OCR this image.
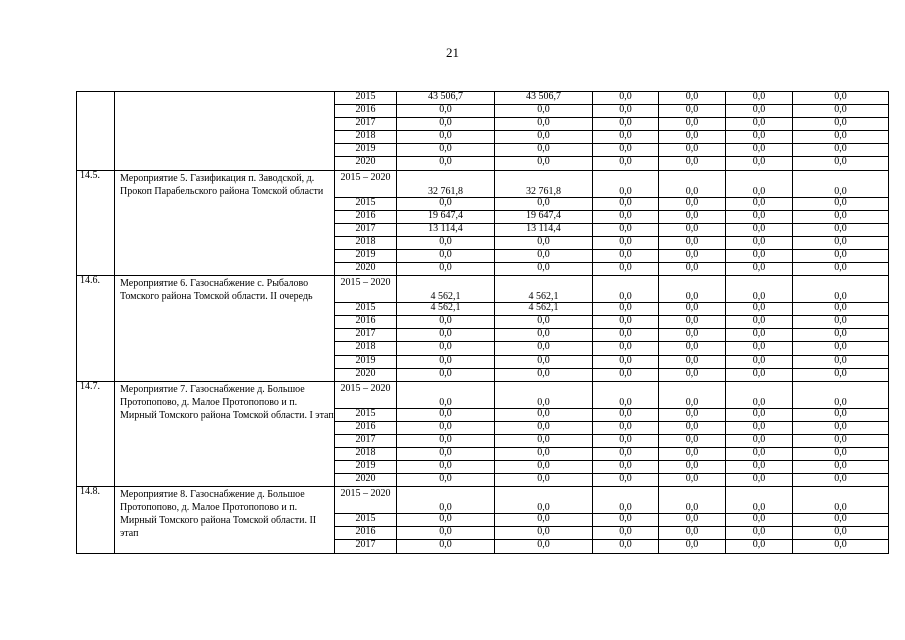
21
		2015	43 506,7	43 506,7	0,0	0,0	0,0	0,0
		2016	0,0	0,0	0,0	0,0	0,0	0,0
		2017	0,0	0,0	0,0	0,0	0,0	0,0
		2018	0,0	0,0	0,0	0,0	0,0	0,0
		2019	0,0	0,0	0,0	0,0	0,0	0,0
		2020	0,0	0,0	0,0	0,0	0,0	0,0
14.5.	Мероприятие 5. Газификация п. Заводской, д. Прокоп Парабельского района Томской области	2015 – 2020	32 761,8	32 761,8	0,0	0,0	0,0	0,0
		2015	0,0	0,0	0,0	0,0	0,0	0,0
		2016	19 647,4	19 647,4	0,0	0,0	0,0	0,0
		2017	13 114,4	13 114,4	0,0	0,0	0,0	0,0
		2018	0,0	0,0	0,0	0,0	0,0	0,0
		2019	0,0	0,0	0,0	0,0	0,0	0,0
		2020	0,0	0,0	0,0	0,0	0,0	0,0
14.6.	Мероприятие 6. Газоснабжение с. Рыбалово Томского района Томской области. II очередь	2015 – 2020	4 562,1	4 562,1	0,0	0,0	0,0	0,0
		2015	4 562,1	4 562,1	0,0	0,0	0,0	0,0
		2016	0,0	0,0	0,0	0,0	0,0	0,0
		2017	0,0	0,0	0,0	0,0	0,0	0,0
		2018	0,0	0,0	0,0	0,0	0,0	0,0
		2019	0,0	0,0	0,0	0,0	0,0	0,0
		2020	0,0	0,0	0,0	0,0	0,0	0,0
14.7.	Мероприятие 7. Газоснабжение д. Большое Протопопово, д. Малое Протопопово и п. Мирный Томского района Томской области. I этап	2015 – 2020	0,0	0,0	0,0	0,0	0,0	0,0
		2015	0,0	0,0	0,0	0,0	0,0	0,0
		2016	0,0	0,0	0,0	0,0	0,0	0,0
		2017	0,0	0,0	0,0	0,0	0,0	0,0
		2018	0,0	0,0	0,0	0,0	0,0	0,0
		2019	0,0	0,0	0,0	0,0	0,0	0,0
		2020	0,0	0,0	0,0	0,0	0,0	0,0
14.8.	Мероприятие 8. Газоснабжение д. Большое Протопопово, д. Малое Протопопово и п. Мирный Томского района Томской области. II этап	2015 – 2020	0,0	0,0	0,0	0,0	0,0	0,0
		2015	0,0	0,0	0,0	0,0	0,0	0,0
		2016	0,0	0,0	0,0	0,0	0,0	0,0
		2017	0,0	0,0	0,0	0,0	0,0	0,0
